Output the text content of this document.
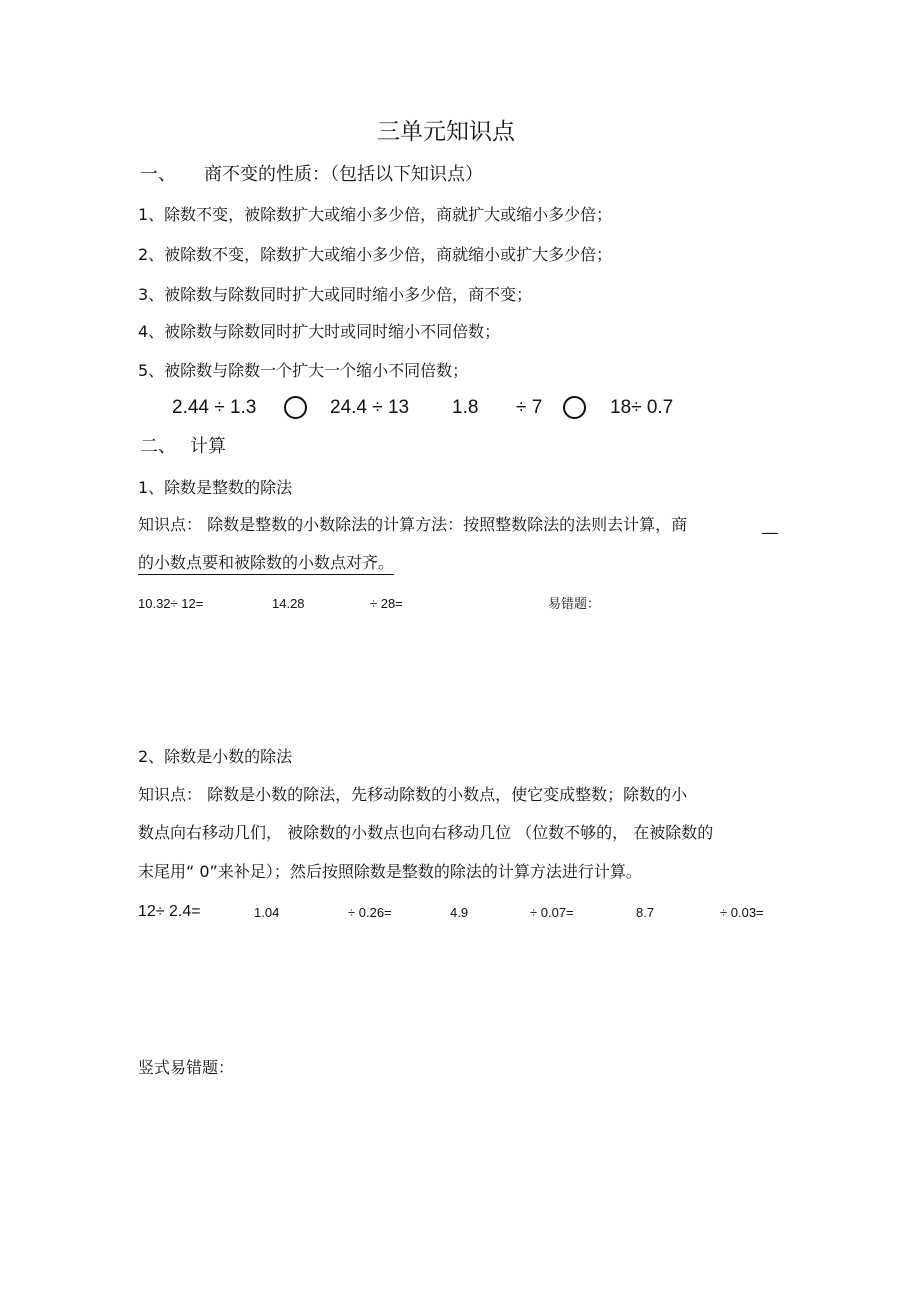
三单元知识点
一、 商不变的性质：（包括以下知识点）
1、除数不变，被除数扩大或缩小多少倍，商就扩大或缩小多少倍；
2、被除数不变，除数扩大或缩小多少倍，商就缩小或扩大多少倍；
3、被除数与除数同时扩大或同时缩小多少倍，商不变；
4、被除数与除数同时扩大时或同时缩小不同倍数；
5、被除数与除数一个扩大一个缩小不同倍数；
2.44 ÷ 1.3	24.4 ÷ 13 1.8 ÷ 7	18÷ 0.7
二、 计算
1、除数是整数的除法
知识点： 除数是整数的小数除法的计算方法：按照整数除法的法则去计算，商	__
的小数点要和被除数的小数点对齐。
10.32÷ 12=	14.28	÷ 28=	易错题：
2、除数是小数的除法
知识点： 除数是小数的除法，先移动除数的小数点，使它变成整数；除数的小
数点向右移动几们， 被除数的小数点也向右移动几位 （位数不够的， 在被除数的
末尾用“ 0”来补足）；然后按照除数是整数的除法的计算方法进行计算。
12÷ 2.4=	1.04	÷ 0.26=	4.9	÷ 0.07=	8.7	÷ 0.03=
竖式易错题：
